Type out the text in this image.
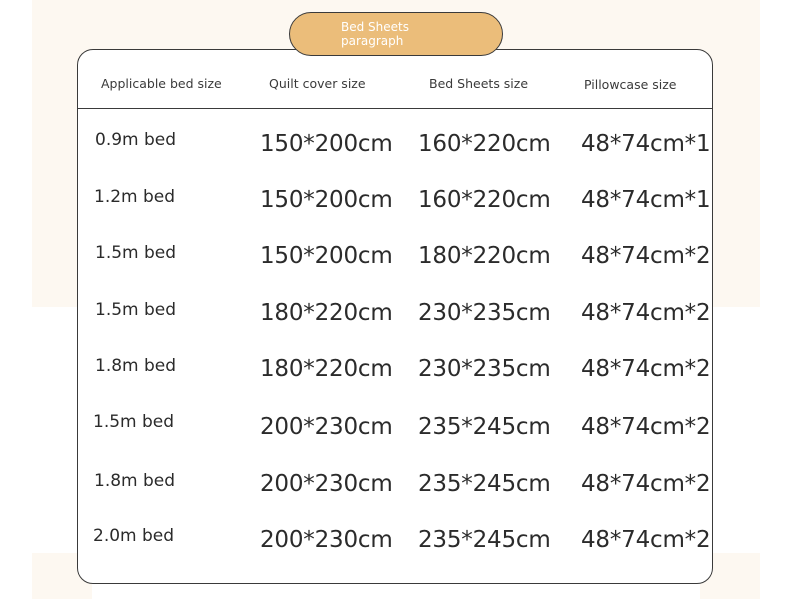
Bed Sheets paragraph
Applicable bed size	Quilt cover size	Bed Sheets size	Pillowcase size
0.9m bed	150*200cm 160*220cm 48*74cm*1
1.2m bed	150*200cm 160*220cm 48*74cm*1
1.5m bed	150*200cm 180*220cm 48*74cm*2
1.5m bed	180*220cm 230*235cm 48*74cm*2
1.8m bed	180*220cm 230*235cm 48*74cm*2
1.5m bed	200*230cm 235*245cm 48*74cm*2
1.8m bed	200*230cm 235*245cm 48*74cm*2
2.0m bed	200*230cm 235*245cm 48*74cm*2
